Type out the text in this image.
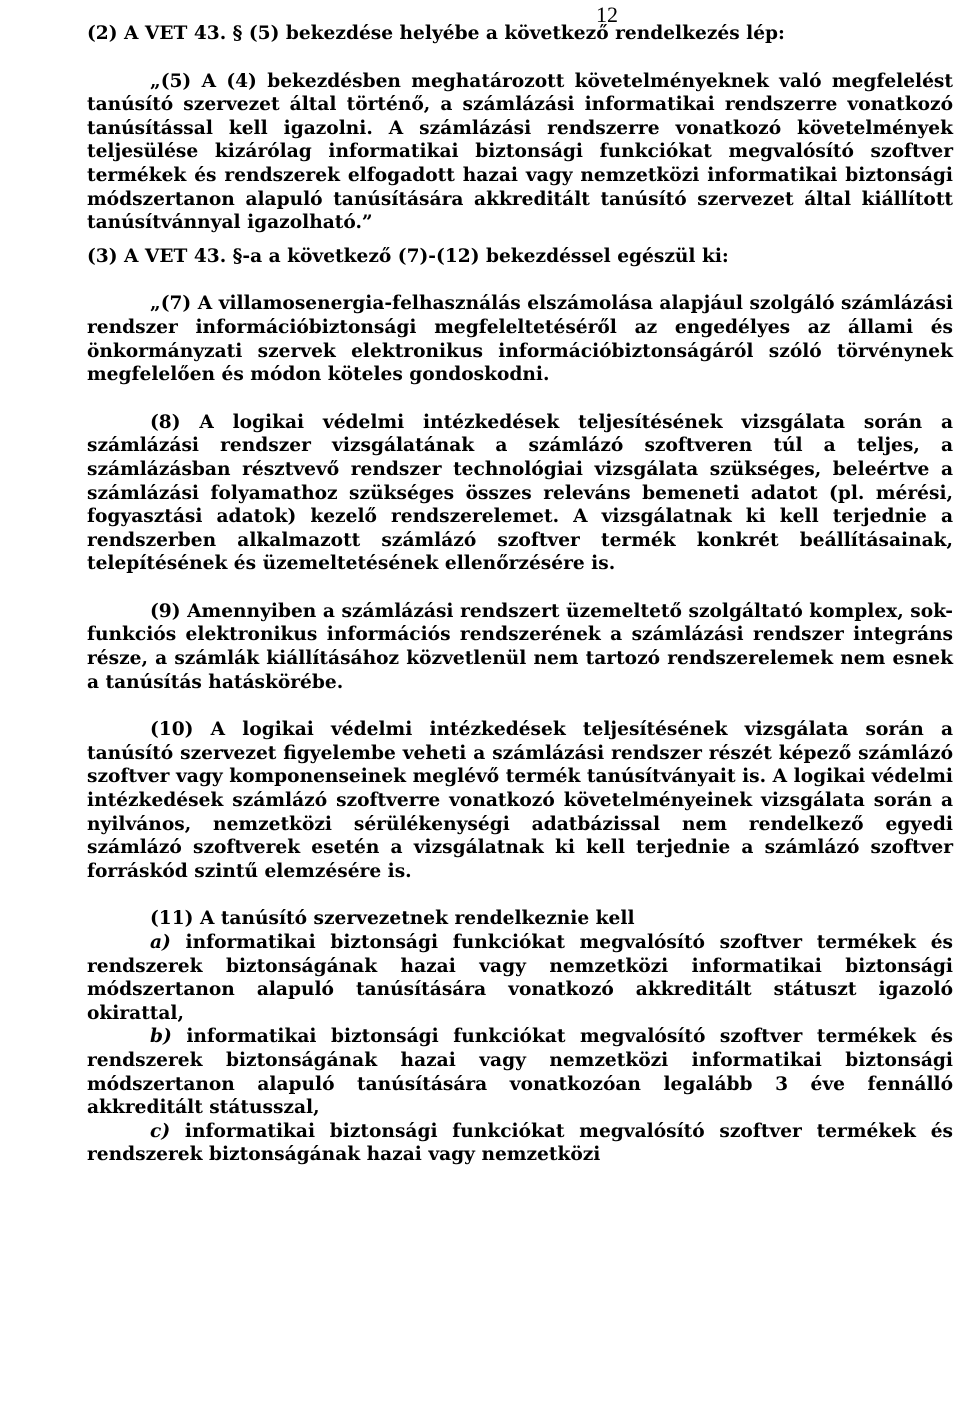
12

(2) A VET 43. § (5) bekezdése helyébe a következő rendelkezés lép:

„(5) A (4) bekezdésben meghatározott követelményeknek való megfelelést tanúsító szervezet által történő, a számlázási informatikai rendszerre vonatkozó tanúsítással kell igazolni. A számlázási rendszerre vonatkozó követelmények teljesülése kizárólag informatikai biztonsági funkciókat megvalósító szoftver termékek és rendszerek elfogadott hazai vagy nemzetközi informatikai biztonsági módszertanon alapuló tanúsítására akkreditált tanúsító szervezet által kiállított tanúsítvánnyal igazolható.”

(3) A VET 43. §-a a következő (7)-(12) bekezdéssel egészül ki:

„(7) A villamosenergia-felhasználás elszámolása alapjául szolgáló számlázási rendszer információbiztonsági megfeleltetéséről az engedélyes az állami és önkormányzati szervek elektronikus információbiztonságáról szóló törvénynek megfelelően és módon köteles gondoskodni.

(8) A logikai védelmi intézkedések teljesítésének vizsgálata során a számlázási rendszer vizsgálatának a számlázó szoftveren túl a teljes, a számlázásban résztvevő rendszer technológiai vizsgálata szükséges, beleértve a számlázási folyamathoz szükséges összes releváns bemeneti adatot (pl. mérési, fogyasztási adatok) kezelő rendszerelemet. A vizsgálatnak ki kell terjednie a rendszerben alkalmazott számlázó szoftver termék konkrét beállításainak, telepítésének és üzemeltetésének ellenőrzésére is.

(9) Amennyiben a számlázási rendszert üzemeltető szolgáltató komplex, sok-funkciós elektronikus információs rendszerének a számlázási rendszer integráns része, a számlák kiállításához közvetlenül nem tartozó rendszerelemek nem esnek a tanúsítás hatáskörébe.

(10) A logikai védelmi intézkedések teljesítésének vizsgálata során a tanúsító szervezet figyelembe veheti a számlázási rendszer részét képező számlázó szoftver vagy komponenseinek meglévő termék tanúsítványait is. A logikai védelmi intézkedések számlázó szoftverre vonatkozó követelményeinek vizsgálata során a nyilvános, nemzetközi sérülékenységi adatbázissal nem rendelkező egyedi számlázó szoftverek esetén a vizsgálatnak ki kell terjednie a számlázó szoftver forráskód szintű elemzésére is.

(11) A tanúsító szervezetnek rendelkeznie kell

a) informatikai biztonsági funkciókat megvalósító szoftver termékek és rendszerek biztonságának hazai vagy nemzetközi informatikai biztonsági módszertanon alapuló tanúsítására vonatkozó akkreditált státuszt igazoló okirattal,

b) informatikai biztonsági funkciókat megvalósító szoftver termékek és rendszerek biztonságának hazai vagy nemzetközi informatikai biztonsági módszertanon alapuló tanúsítására vonatkozóan legalább 3 éve fennálló akkreditált státusszal,

c) informatikai biztonsági funkciókat megvalósító szoftver termékek és rendszerek biztonságának hazai vagy nemzetközi
